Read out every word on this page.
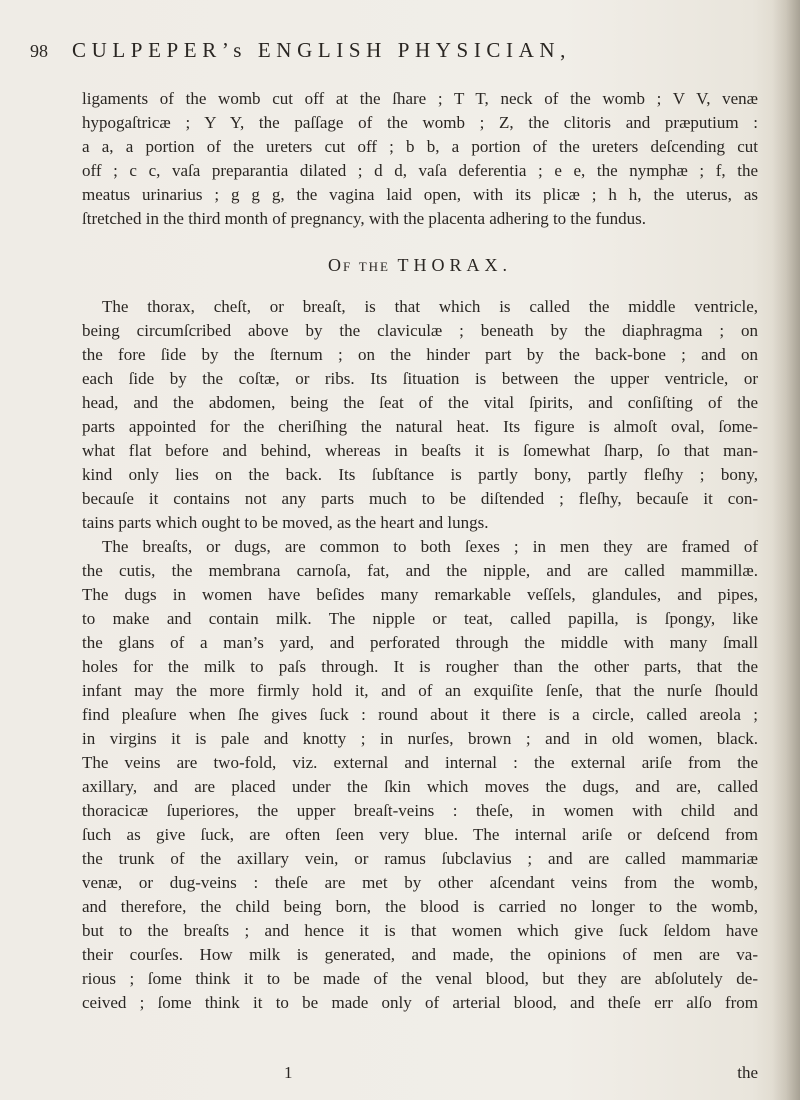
98	CULPEPER’s ENGLISH PHYSICIAN,
ligaments of the womb cut off at the ſhare ; T T, neck of the womb ; V V, venæ
hypogaſtricæ ; Y Y, the paſſage of the womb ; Z, the clitoris and præputium :
a a, a portion of the ureters cut off ; b b, a portion of the ureters deſcending cut
off ; c c, vaſa preparantia dilated ; d d, vaſa deferentia ; e e, the nymphæ ; f, the
meatus urinarius ; g g g, the vagina laid open, with its plicæ ; h h, the uterus, as
ſtretched in the third month of pregnancy, with the placenta adhering to the fundus.
Of the THORAX.
The thorax, cheſt, or breaſt, is that which is called the middle ventricle,
being circumſcribed above by the claviculæ ; beneath by the diaphragma ; on
the fore ſide by the ſternum ; on the hinder part by the back-bone ; and on
each ſide by the coſtæ, or ribs. Its ſituation is between the upper ventricle, or
head, and the abdomen, being the ſeat of the vital ſpirits, and conſiſting of the
parts appointed for the cheriſhing the natural heat. Its figure is almoſt oval, ſome-
what flat before and behind, whereas in beaſts it is ſomewhat ſharp, ſo that man-
kind only lies on the back. Its ſubſtance is partly bony, partly fleſhy ; bony,
becauſe it contains not any parts much to be diſtended ; fleſhy, becauſe it con-
tains parts which ought to be moved, as the heart and lungs.
The breaſts, or dugs, are common to both ſexes ; in men they are framed of
the cutis, the membrana carnoſa, fat, and the nipple, and are called mammillæ.
The dugs in women have beſides many remarkable veſſels, glandules, and pipes,
to make and contain milk. The nipple or teat, called papilla, is ſpongy, like
the glans of a man’s yard, and perforated through the middle with many ſmall
holes for the milk to paſs through. It is rougher than the other parts, that the
infant may the more firmly hold it, and of an exquiſite ſenſe, that the nurſe ſhould
find pleaſure when ſhe gives ſuck : round about it there is a circle, called areola ;
in virgins it is pale and knotty ; in nurſes, brown ; and in old women, black.
The veins are two-fold, viz. external and internal : the external ariſe from the
axillary, and are placed under the ſkin which moves the dugs, and are, called
thoracicæ ſuperiores, the upper breaſt-veins : theſe, in women with child and
ſuch as give ſuck, are often ſeen very blue. The internal ariſe or deſcend from
the trunk of the axillary vein, or ramus ſubclavius ; and are called mammariæ
venæ, or dug-veins : theſe are met by other aſcendant veins from the womb,
and therefore, the child being born, the blood is carried no longer to the womb,
but to the breaſts ; and hence it is that women which give ſuck ſeldom have
their courſes. How milk is generated, and made, the opinions of men are va-
rious ; ſome think it to be made of the venal blood, but they are abſolutely de-
ceived ; ſome think it to be made only of arterial blood, and theſe err alſo from
1	the
